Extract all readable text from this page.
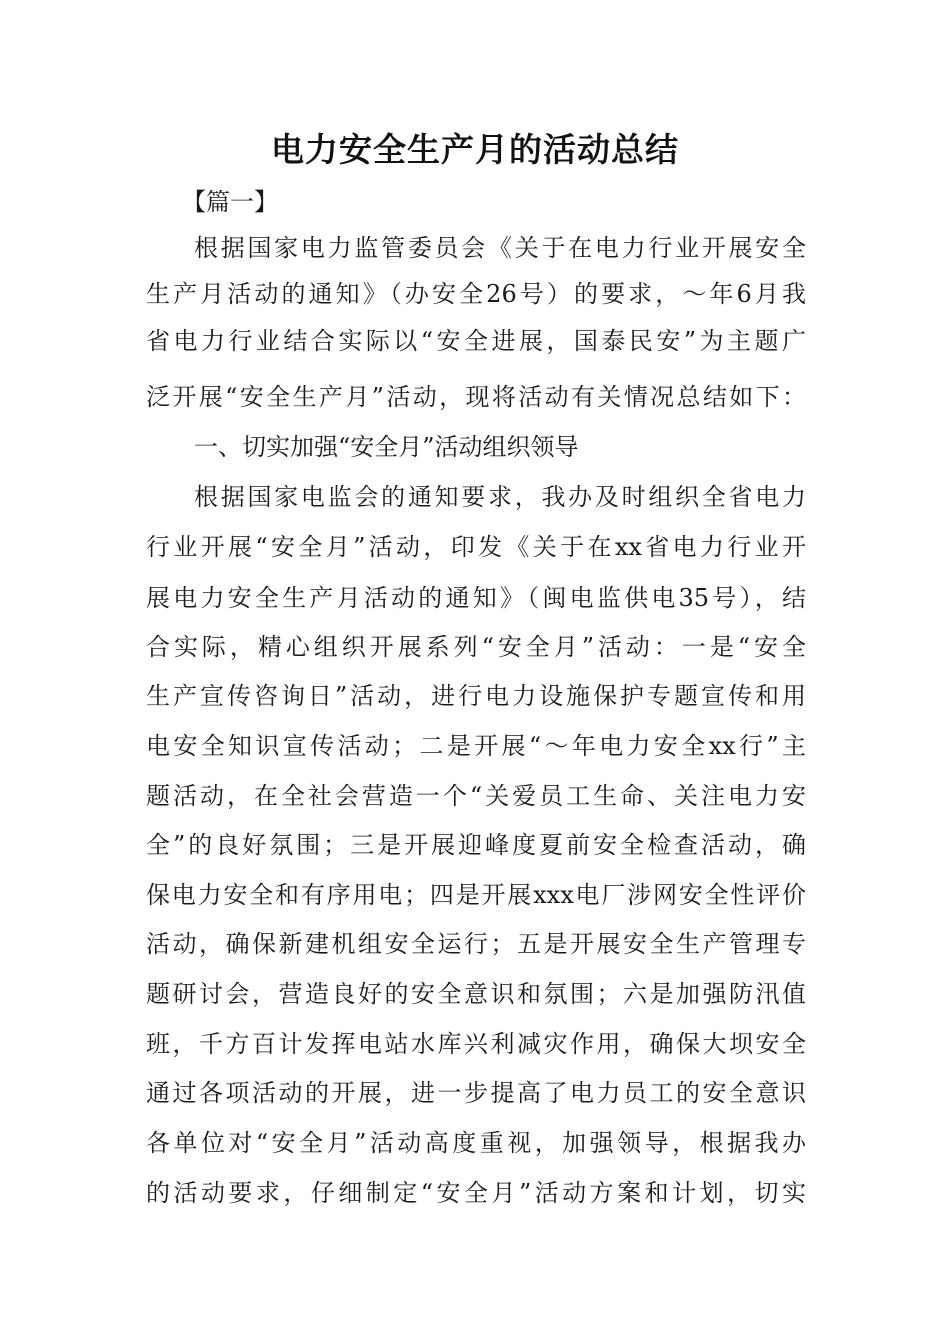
电力安全生产月的活动总结
【篇一】
根据国家电力监管委员会《关于在电力行业开展安全
生产月活动的通知》（办安全26号）的要求，～年6月我
省电力行业结合实际以“安全进展，国泰民安”为主题广
泛开展“安全生产月”活动，现将活动有关情况总结如下：
一、切实加强“安全月”活动组织领导
根据国家电监会的通知要求，我办及时组织全省电力
行业开展“安全月”活动，印发《关于在xx省电力行业开
展电力安全生产月活动的通知》（闽电监供电35号），结
合实际，精心组织开展系列“安全月”活动：一是“安全
生产宣传咨询日”活动，进行电力设施保护专题宣传和用
电安全知识宣传活动；二是开展“～年电力安全xx行”主
题活动，在全社会营造一个“关爱员工生命、关注电力安
全”的良好氛围；三是开展迎峰度夏前安全检查活动，确
保电力安全和有序用电；四是开展xxx电厂涉网安全性评价
活动，确保新建机组安全运行；五是开展安全生产管理专
题研讨会，营造良好的安全意识和氛围；六是加强防汛值
班，千方百计发挥电站水库兴利减灾作用，确保大坝安全
通过各项活动的开展，进一步提高了电力员工的安全意识
各单位对“安全月”活动高度重视，加强领导，根据我办
的活动要求，仔细制定“安全月”活动方案和计划，切实
